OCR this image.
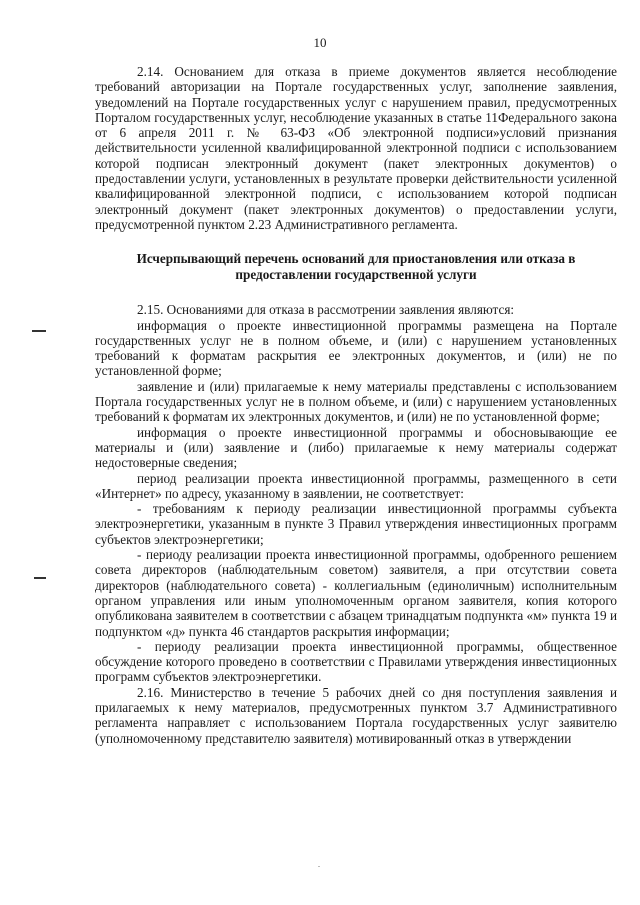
10

2.14. Основанием для отказа в приеме документов является несоблюдение требований авторизации на Портале государственных услуг, заполнение заявления, уведомлений на Портале государственных услуг с нарушением правил, предусмотренных Порталом государственных услуг, несоблюдение указанных в статье 11Федерального закона от 6 апреля 2011 г. № 63-ФЗ «Об электронной подписи»условий признания действительности усиленной квалифицированной электронной подписи с использованием которой подписан электронный документ (пакет электронных документов) о предоставлении услуги, установленных в результате проверки действительности усиленной квалифицированной электронной подписи, с использованием которой подписан электронный документ (пакет электронных документов) о предоставлении услуги, предусмотренной пунктом 2.23 Административного регламента.

Исчерпывающий перечень оснований для приостановления или отказа в предоставлении государственной услуги

2.15. Основаниями для отказа в рассмотрении заявления являются:

информация о проекте инвестиционной программы размещена на Портале государственных услуг не в полном объеме, и (или) с нарушением установленных требований к форматам раскрытия ее электронных документов, и (или) не по установленной форме;

заявление и (или) прилагаемые к нему материалы представлены с использованием Портала государственных услуг не в полном объеме, и (или) с нарушением установленных требований к форматам их электронных документов, и (или) не по установленной форме;

информация о проекте инвестиционной программы и обосновывающие ее материалы и (или) заявление и (либо) прилагаемые к нему материалы содержат недостоверные сведения;

период реализации проекта инвестиционной программы, размещенного в сети «Интернет» по адресу, указанному в заявлении, не соответствует:

- требованиям к периоду реализации инвестиционной программы субъекта электроэнергетики, указанным в пункте 3 Правил утверждения инвестиционных программ субъектов электроэнергетики;

- периоду реализации проекта инвестиционной программы, одобренного решением совета директоров (наблюдательным советом) заявителя, а при отсутствии совета директоров (наблюдательного совета) - коллегиальным (единоличным) исполнительным органом управления или иным уполномоченным органом заявителя, копия которого опубликована заявителем в соответствии с абзацем тринадцатым подпункта «м» пункта 19 и подпунктом «д» пункта 46 стандартов раскрытия информации;

- периоду реализации проекта инвестиционной программы, общественное обсуждение которого проведено в соответствии с Правилами утверждения инвестиционных программ субъектов электроэнергетики.

2.16. Министерство в течение 5 рабочих дней со дня поступления заявления и прилагаемых к нему материалов, предусмотренных пунктом 3.7 Административного регламента направляет с использованием Портала государственных услуг заявителю (уполномоченному представителю заявителя) мотивированный отказ в утверждении
